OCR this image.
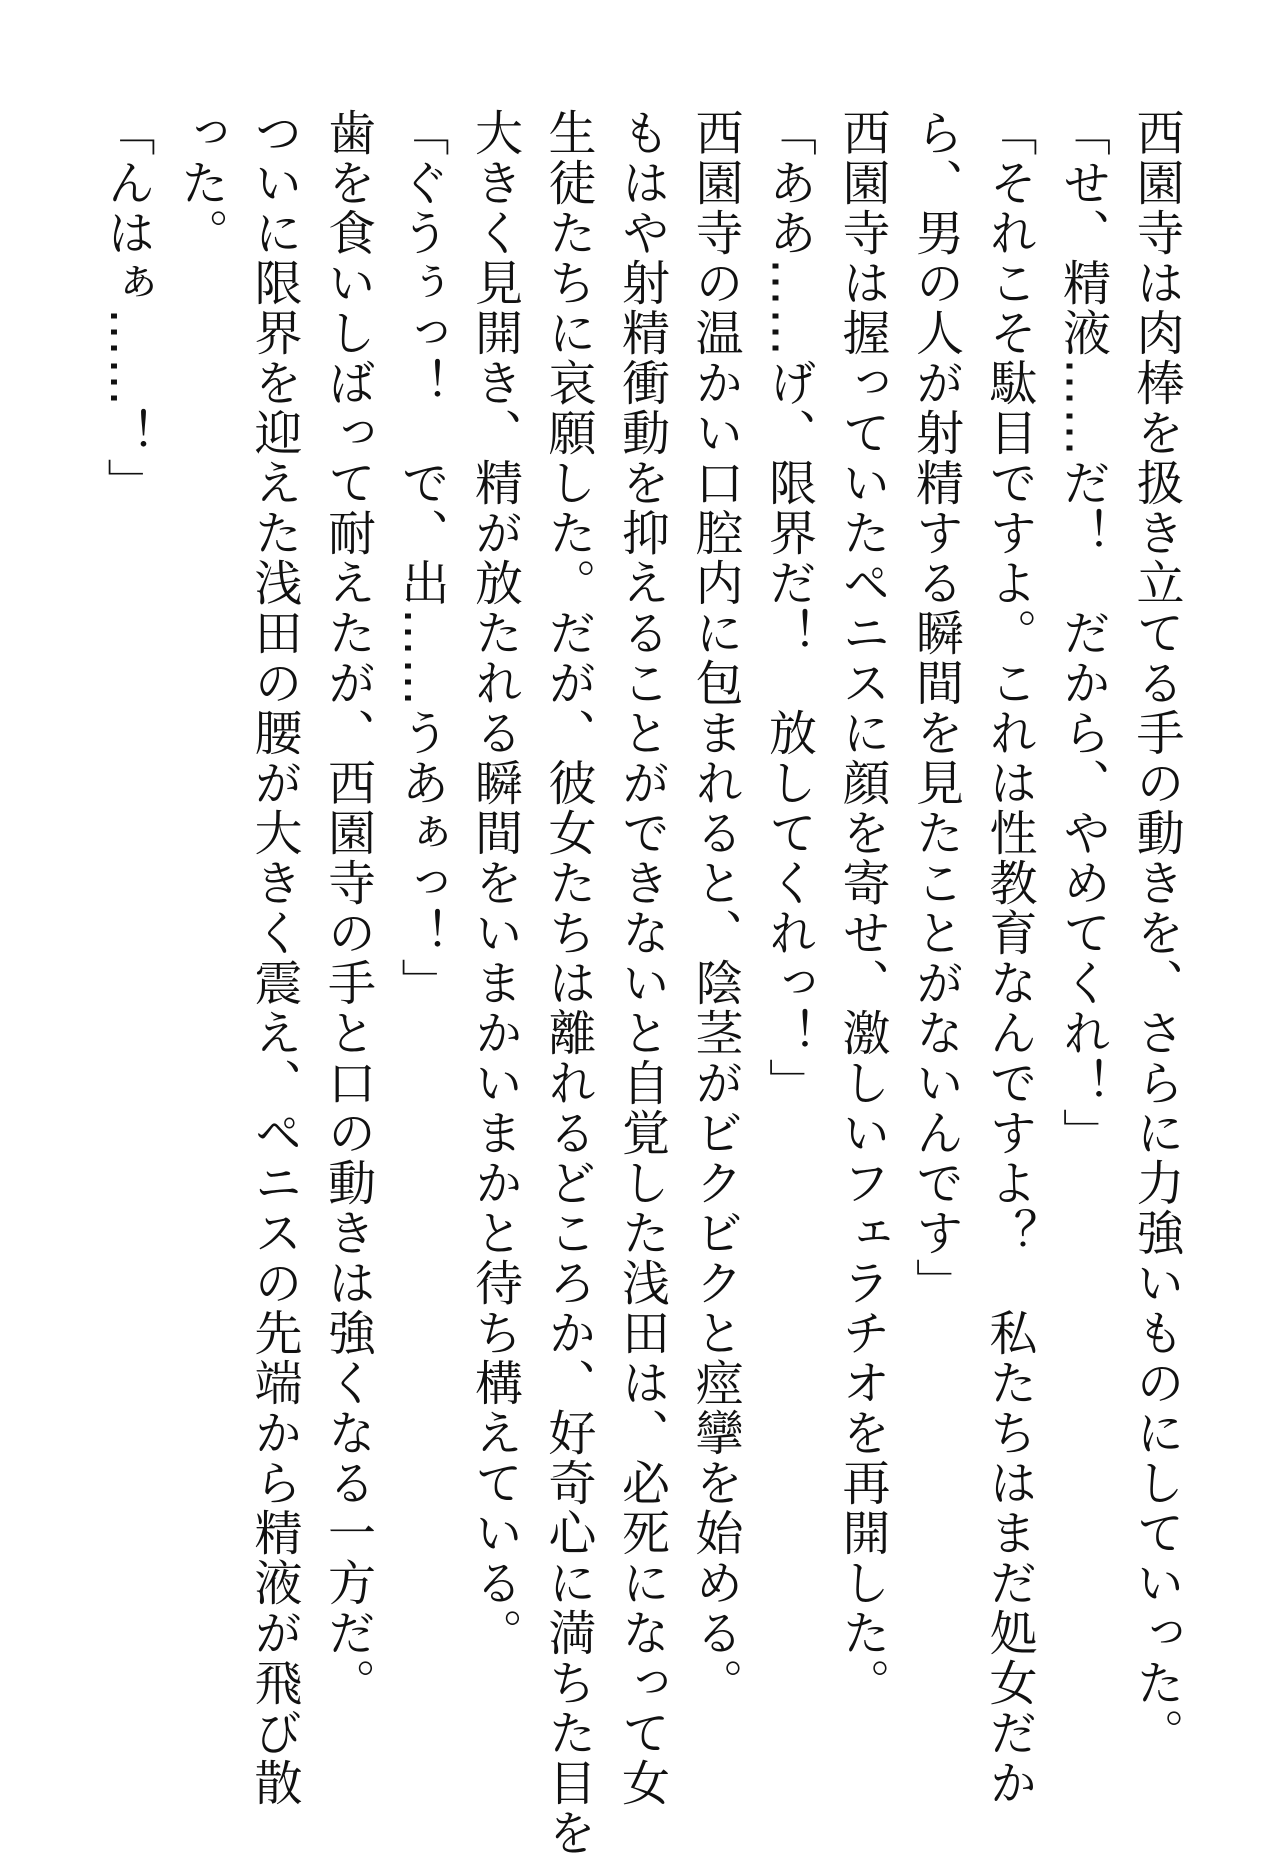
西園寺は肉棒を扱き立てる手の動きを、さらに力強いものにしていった。
「せ、精液……だ！　だから、やめてくれ！」
「それこそ駄目ですよ。これは性教育なんですよ？　私たちはまだ処女だか
ら、男の人が射精する瞬間を見たことがないんです」
西園寺は握っていたペニスに顔を寄せ、激しいフェラチオを再開した。
「ああ……げ、限界だ！　放してくれっ！」
西園寺の温かい口腔内に包まれると、陰茎がビクビクと痙攣を始める。
もはや射精衝動を抑えることができないと自覚した浅田は、必死になって女
生徒たちに哀願した。だが、彼女たちは離れるどころか、好奇心に満ちた目を
大きく見開き、精が放たれる瞬間をいまかいまかと待ち構えている。
「ぐうぅっ！　で、出……うあぁっ！」
歯を食いしばって耐えたが、西園寺の手と口の動きは強くなる一方だ。
ついに限界を迎えた浅田の腰が大きく震え、ペニスの先端から精液が飛び散
った。
「んはぁ……！」
